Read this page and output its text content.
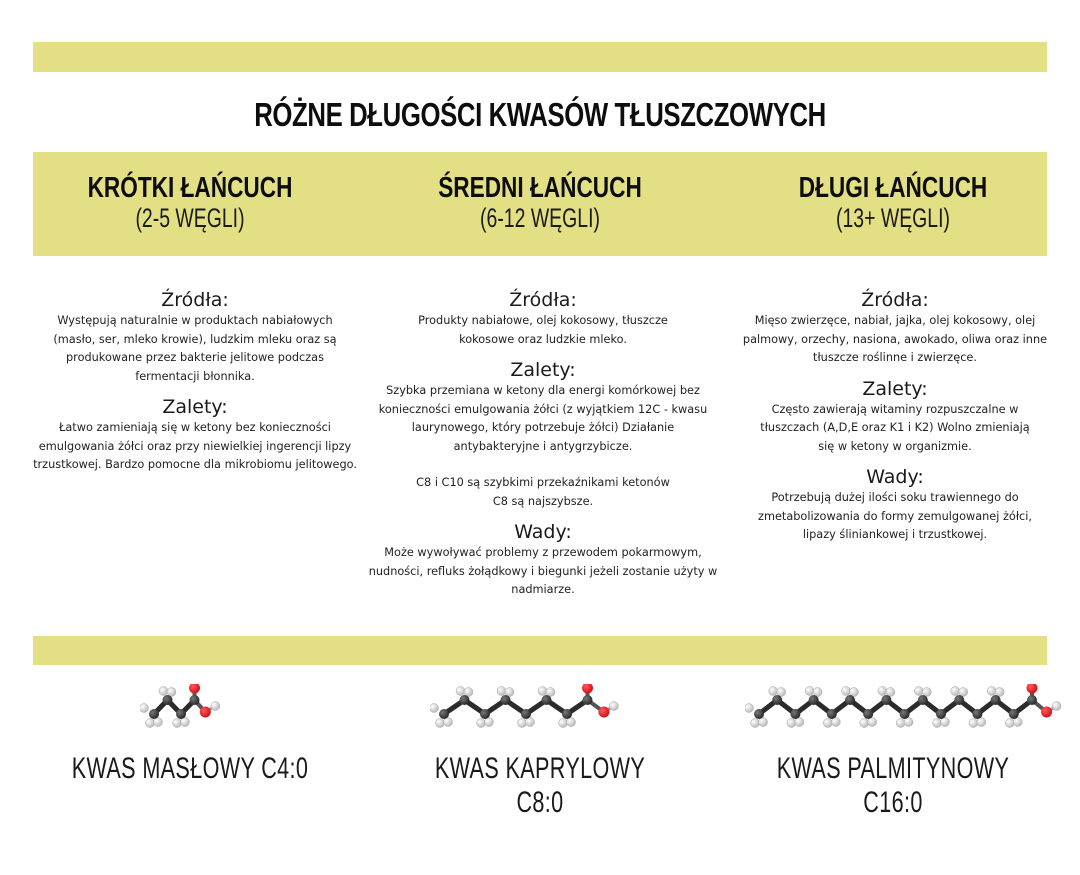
RÓŻNE DŁUGOŚCI KWASÓW TŁUSZCZOWYCH
KRÓTKI ŁAŃCUCH
(2-5 WĘGLI)
ŚREDNI ŁAŃCUCH
(6-12 WĘGLI)
DŁUGI ŁAŃCUCH
(13+ WĘGLI)

Źródła:

Występują naturalnie w produktach nabiałowych (masło, ser, mleko krowie), ludzkim mleku oraz są produkowane przez bakterie jelitowe podczas fermentacji błonnika.

Zalety:

Łatwo zamieniają się w ketony bez konieczności emulgowania żółci oraz przy niewielkiej ingerencji lipzy trzustkowej. Bardzo pomocne dla mikrobiomu jelitowego.

Źródła:

Produkty nabiałowe, olej kokosowy, tłuszcze kokosowe oraz ludzkie mleko.

Zalety:

Szybka przemiana w ketony dla energi komórkowej bez konieczności emulgowania żółci (z wyjątkiem 12C - kwasu laurynowego, który potrzebuje żółci) Działanie antybakteryjne i antygrzybicze.

C8 i C10 są szybkimi przekaźnikami ketonów C8 są najszybsze.

Wady:

Może wywoływać problemy z przewodem pokarmowym, nudności, refluks żołądkowy i biegunki jeżeli zostanie użyty w nadmiarze.

Źródła:

Mięso zwierzęce, nabiał, jajka, olej kokosowy, olej palmowy, orzechy, nasiona, awokado, oliwa oraz inne tłuszcze roślinne i zwierzęce.

Zalety:

Często zawierają witaminy rozpuszczalne w tłuszczach (A,D,E oraz K1 i K2) Wolno zmieniają się w ketony w organizmie.

Wady:

Potrzebują dużej ilości soku trawiennego do zmetabolizowania do formy zemulgowanej żółci, lipazy śliniankowej i trzustkowej.

KWAS MASŁOWY C4:0	KWAS KAPRYLOWY C8:0
KWAS PALMITYNOWY C16:0
